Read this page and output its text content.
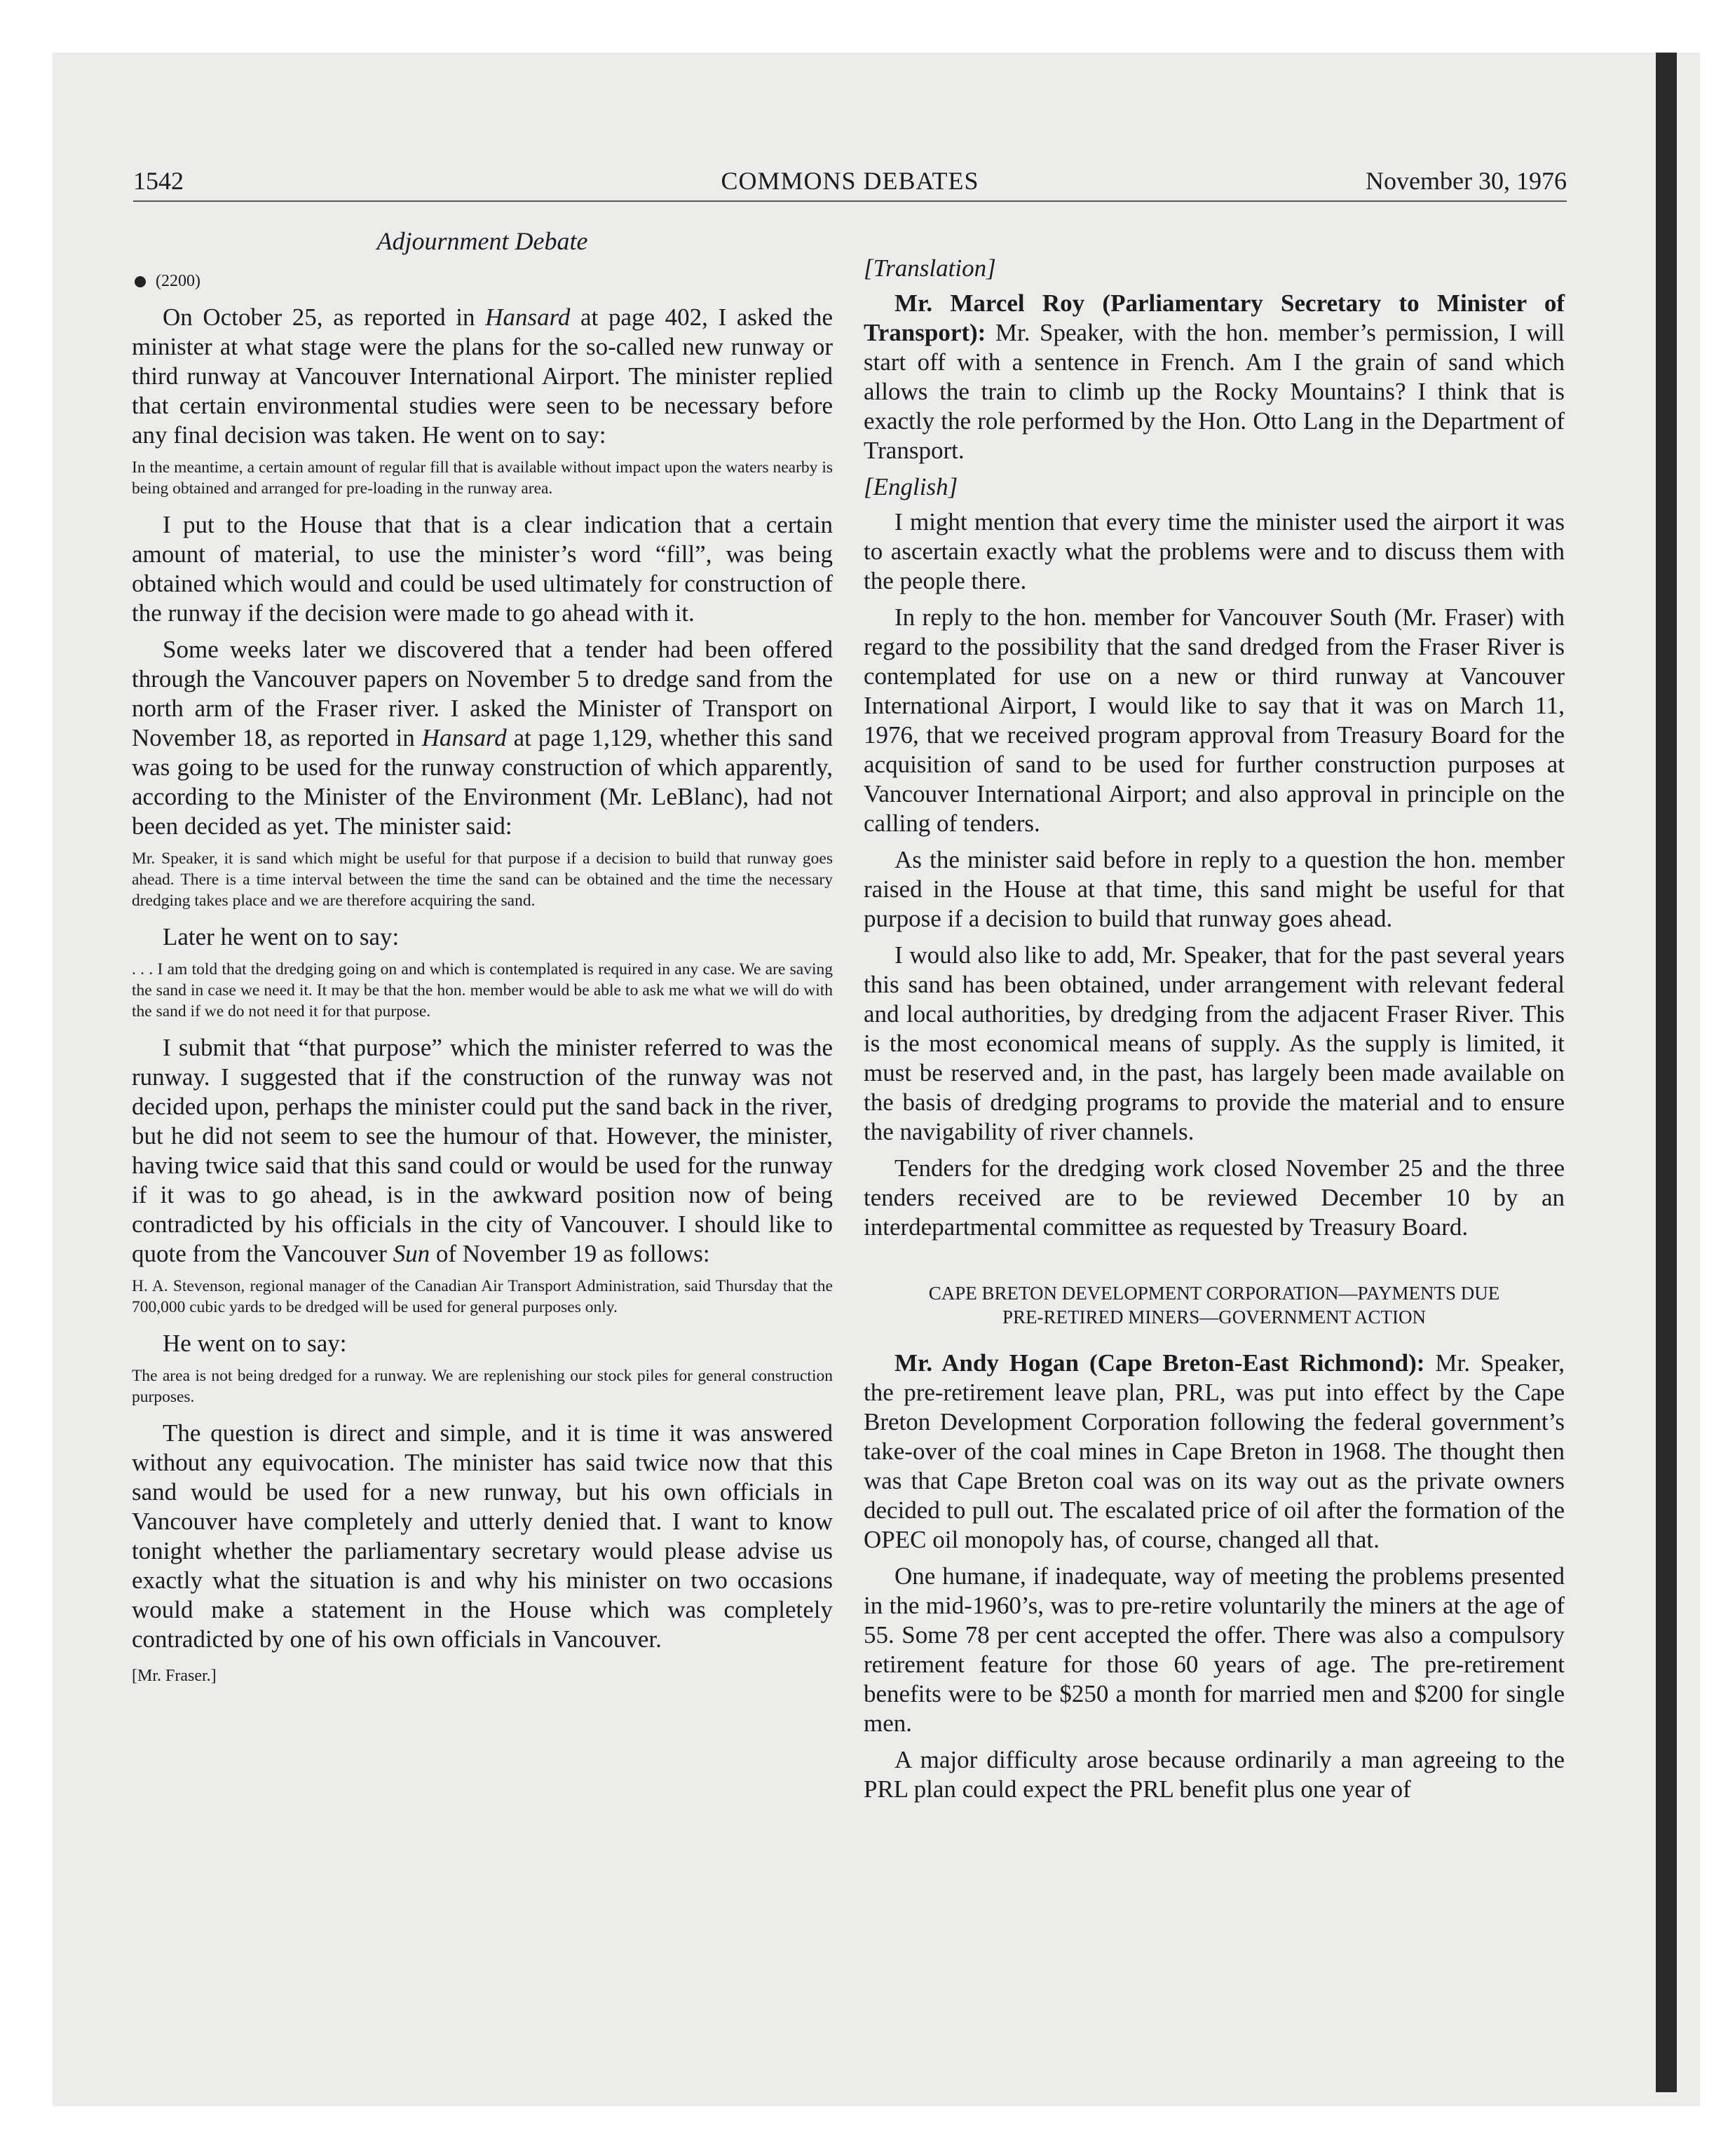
1542	COMMONS DEBATES	November 30, 1976
Adjournment Debate
(2200)

On October 25, as reported in Hansard at page 402, I asked the minister at what stage were the plans for the so-called new runway or third runway at Vancouver International Airport. The minister replied that certain environmental studies were seen to be necessary before any final decision was taken. He went on to say:

In the meantime, a certain amount of regular fill that is available without impact upon the waters nearby is being obtained and arranged for pre-loading in the runway area.

I put to the House that that is a clear indication that a certain amount of material, to use the minister’s word “fill”, was being obtained which would and could be used ultimately for construction of the runway if the decision were made to go ahead with it.

Some weeks later we discovered that a tender had been offered through the Vancouver papers on November 5 to dredge sand from the north arm of the Fraser river. I asked the Minister of Transport on November 18, as reported in Hansard at page 1,129, whether this sand was going to be used for the runway construction of which apparently, according to the Minister of the Environment (Mr. LeBlanc), had not been decided as yet. The minister said:

Mr. Speaker, it is sand which might be useful for that purpose if a decision to build that runway goes ahead. There is a time interval between the time the sand can be obtained and the time the necessary dredging takes place and we are therefore acquiring the sand.

Later he went on to say:

. . . I am told that the dredging going on and which is contemplated is required in any case. We are saving the sand in case we need it. It may be that the hon. member would be able to ask me what we will do with the sand if we do not need it for that purpose.

I submit that “that purpose” which the minister referred to was the runway. I suggested that if the construction of the runway was not decided upon, perhaps the minister could put the sand back in the river, but he did not seem to see the humour of that. However, the minister, having twice said that this sand could or would be used for the runway if it was to go ahead, is in the awkward position now of being contradicted by his officials in the city of Vancouver. I should like to quote from the Vancouver Sun of November 19 as follows:

H. A. Stevenson, regional manager of the Canadian Air Transport Administration, said Thursday that the 700,000 cubic yards to be dredged will be used for general purposes only.

He went on to say:

The area is not being dredged for a runway. We are replenishing our stock piles for general construction purposes.

The question is direct and simple, and it is time it was answered without any equivocation. The minister has said twice now that this sand would be used for a new runway, but his own officials in Vancouver have completely and utterly denied that. I want to know tonight whether the parliamentary secretary would please advise us exactly what the situation is and why his minister on two occasions would make a statement in the House which was completely contradicted by one of his own officials in Vancouver.

[Mr. Fraser.]

[Translation]

Mr. Marcel Roy (Parliamentary Secretary to Minister of Transport): Mr. Speaker, with the hon. member’s permission, I will start off with a sentence in French. Am I the grain of sand which allows the train to climb up the Rocky Mountains? I think that is exactly the role performed by the Hon. Otto Lang in the Department of Transport.

[English]

I might mention that every time the minister used the airport it was to ascertain exactly what the problems were and to discuss them with the people there.

In reply to the hon. member for Vancouver South (Mr. Fraser) with regard to the possibility that the sand dredged from the Fraser River is contemplated for use on a new or third runway at Vancouver International Airport, I would like to say that it was on March 11, 1976, that we received program approval from Treasury Board for the acquisition of sand to be used for further construction purposes at Vancouver International Airport; and also approval in principle on the calling of tenders.

As the minister said before in reply to a question the hon. member raised in the House at that time, this sand might be useful for that purpose if a decision to build that runway goes ahead.

I would also like to add, Mr. Speaker, that for the past several years this sand has been obtained, under arrangement with relevant federal and local authorities, by dredging from the adjacent Fraser River. This is the most economical means of supply. As the supply is limited, it must be reserved and, in the past, has largely been made available on the basis of dredging programs to provide the material and to ensure the navigability of river channels.

Tenders for the dredging work closed November 25 and the three tenders received are to be reviewed December 10 by an interdepartmental committee as requested by Treasury Board.

CAPE BRETON DEVELOPMENT CORPORATION—PAYMENTS DUE
PRE-RETIRED MINERS—GOVERNMENT ACTION

Mr. Andy Hogan (Cape Breton-East Richmond): Mr. Speaker, the pre-retirement leave plan, PRL, was put into effect by the Cape Breton Development Corporation following the federal government’s take-over of the coal mines in Cape Breton in 1968. The thought then was that Cape Breton coal was on its way out as the private owners decided to pull out. The escalated price of oil after the formation of the OPEC oil monopoly has, of course, changed all that.

One humane, if inadequate, way of meeting the problems presented in the mid-1960’s, was to pre-retire voluntarily the miners at the age of 55. Some 78 per cent accepted the offer. There was also a compulsory retirement feature for those 60 years of age. The pre-retirement benefits were to be $250 a month for married men and $200 for single men.

A major difficulty arose because ordinarily a man agreeing to the PRL plan could expect the PRL benefit plus one year of
